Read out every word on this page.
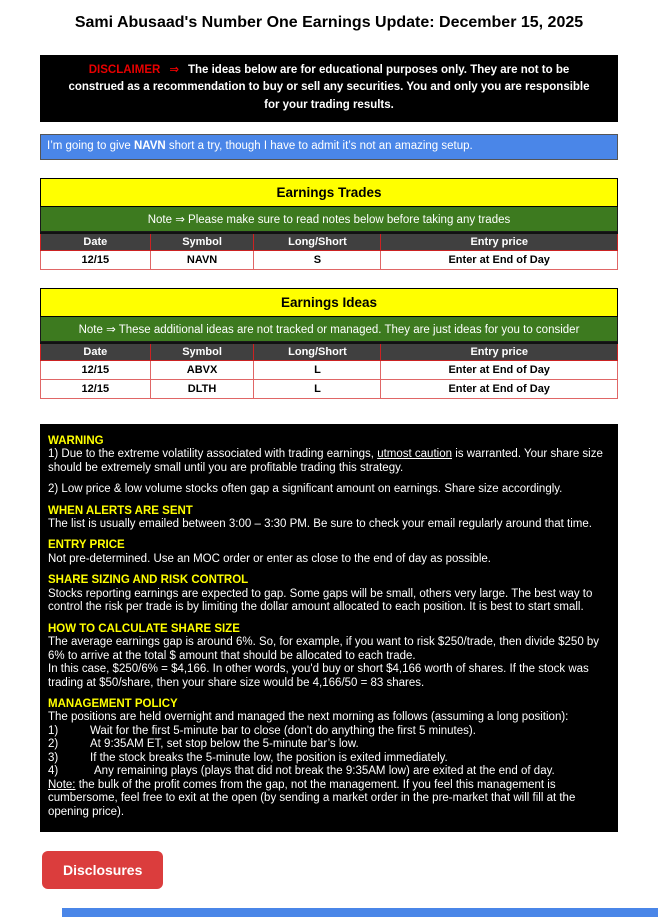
Sami Abusaad's Number One Earnings Update: December 15, 2025
DISCLAIMER ⇒ The ideas below are for educational purposes only. They are not to be construed as a recommendation to buy or sell any securities. You and only you are responsible for your trading results.
I’m going to give NAVN short a try, though I have to admit it’s not an amazing setup.
Earnings Trades
Note ⇒ Please make sure to read notes below before taking any trades
Date	Symbol	Long/Short	Entry price
12/15	NAVN	S	Enter at End of Day
Earnings Ideas
Note ⇒ These additional ideas are not tracked or managed. They are just ideas for you to consider
Date	Symbol	Long/Short	Entry price
12/15	ABVX	L	Enter at End of Day
12/15	DLTH	L	Enter at End of Day

WARNING

1) Due to the extreme volatility associated with trading earnings, utmost caution is warranted. Your share size should be extremely small until you are profitable trading this strategy.

2) Low price & low volume stocks often gap a significant amount on earnings. Share size accordingly.

WHEN ALERTS ARE SENT

The list is usually emailed between 3:00 – 3:30 PM. Be sure to check your email regularly around that time.

ENTRY PRICE

Not pre-determined. Use an MOC order or enter as close to the end of day as possible.

SHARE SIZING AND RISK CONTROL

Stocks reporting earnings are expected to gap. Some gaps will be small, others very large. The best way to control the risk per trade is by limiting the dollar amount allocated to each position. It is best to start small.

HOW TO CALCULATE SHARE SIZE

The average earnings gap is around 6%. So, for example, if you want to risk $250/trade, then divide $250 by 6% to arrive at the total $ amount that should be allocated to each trade.

In this case, $250/6% = $4,166. In other words, you'd buy or short $4,166 worth of shares. If the stock was trading at $50/share, then your share size would be 4,166/50 = 83 shares.

MANAGEMENT POLICY

The positions are held overnight and managed the next morning as follows (assuming a long position):

1)	Wait for the first 5-minute bar to close (don't do anything the first 5 minutes).

2)	At 9:35AM ET, set stop below the 5-minute bar’s low.

3)	If the stock breaks the 5-minute low, the position is exited immediately.

4)	Any remaining plays (plays that did not break the 9:35AM low) are exited at the end of day.

Note: the bulk of the profit comes from the gap, not the management. If you feel this management is cumbersome, feel free to exit at the open (by sending a market order in the pre-market that will fill at the opening price).

Disclosures
